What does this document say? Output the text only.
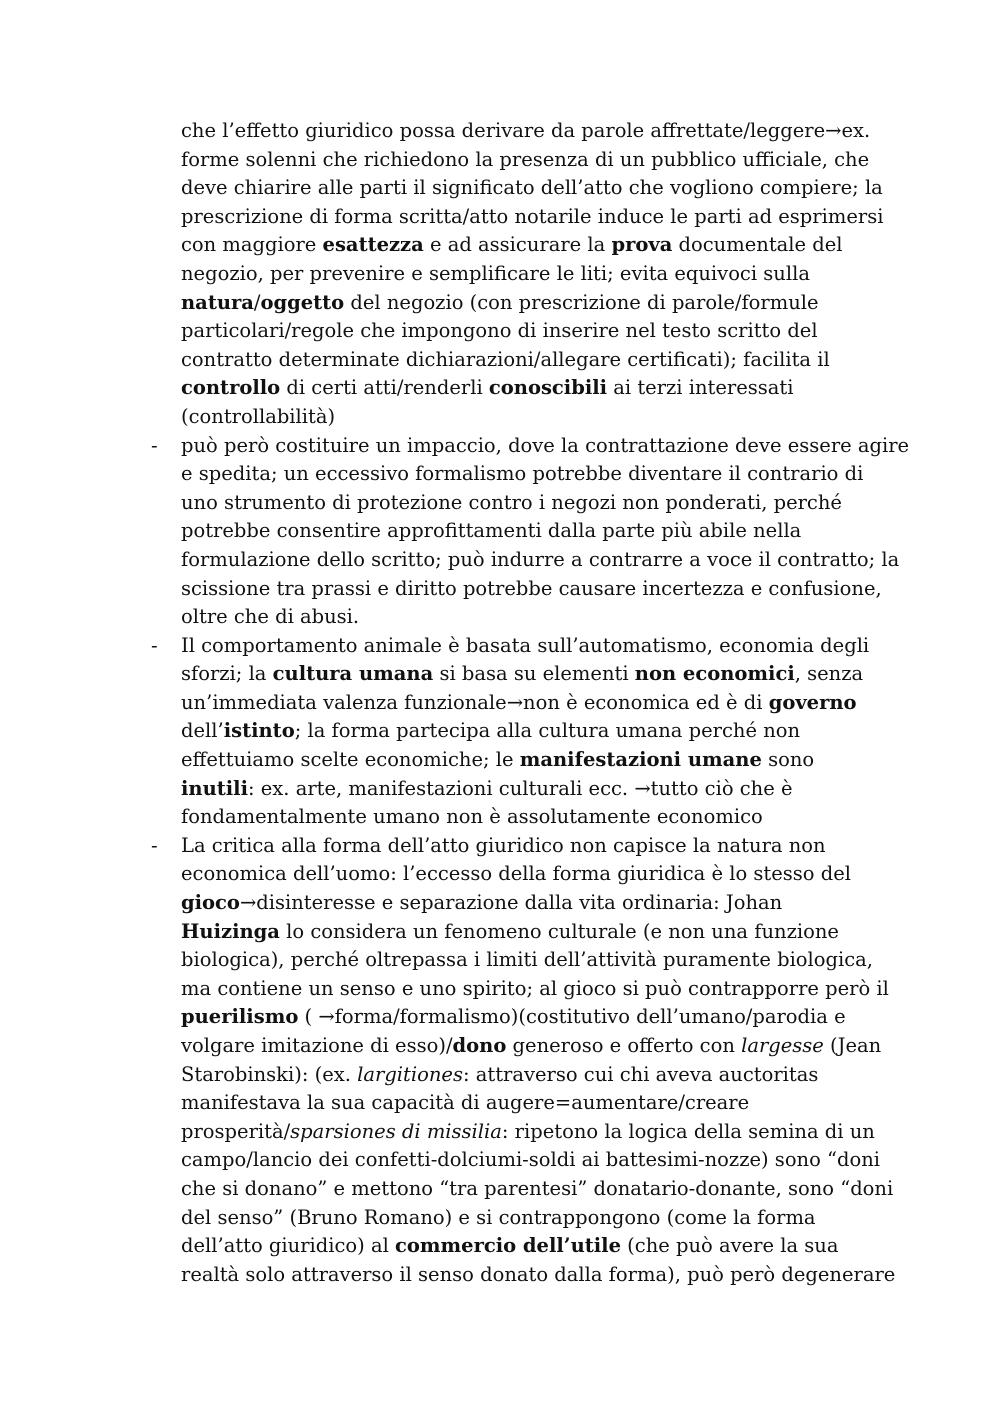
che l’effetto giuridico possa derivare da parole affrettate/leggere→ex.
forme solenni che richiedono la presenza di un pubblico ufficiale, che
deve chiarire alle parti il significato dell’atto che vogliono compiere; la
prescrizione di forma scritta/atto notarile induce le parti ad esprimersi
con maggiore esattezza e ad assicurare la prova documentale del
negozio, per prevenire e semplificare le liti; evita equivoci sulla
natura/oggetto del negozio (con prescrizione di parole/formule
particolari/regole che impongono di inserire nel testo scritto del
contratto determinate dichiarazioni/allegare certificati); facilita il
controllo di certi atti/renderli conoscibili ai terzi interessati
(controllabilità)
- può però costituire un impaccio, dove la contrattazione deve essere agire
e spedita; un eccessivo formalismo potrebbe diventare il contrario di
uno strumento di protezione contro i negozi non ponderati, perché
potrebbe consentire approfittamenti dalla parte più abile nella
formulazione dello scritto; può indurre a contrarre a voce il contratto; la
scissione tra prassi e diritto potrebbe causare incertezza e confusione,
oltre che di abusi.
- Il comportamento animale è basata sull’automatismo, economia degli
sforzi; la cultura umana si basa su elementi non economici, senza
un’immediata valenza funzionale→non è economica ed è di governo
dell’istinto; la forma partecipa alla cultura umana perché non
effettuiamo scelte economiche; le manifestazioni umane sono
inutili: ex. arte, manifestazioni culturali ecc. →tutto ciò che è
fondamentalmente umano non è assolutamente economico
- La critica alla forma dell’atto giuridico non capisce la natura non
economica dell’uomo: l’eccesso della forma giuridica è lo stesso del
gioco→disinteresse e separazione dalla vita ordinaria: Johan
Huizinga lo considera un fenomeno culturale (e non una funzione
biologica), perché oltrepassa i limiti dell’attività puramente biologica,
ma contiene un senso e uno spirito; al gioco si può contrapporre però il
puerilismo ( →forma/formalismo)(costitutivo dell’umano/parodia e
volgare imitazione di esso)/dono generoso e offerto con largesse (Jean
Starobinski): (ex. largitiones: attraverso cui chi aveva auctoritas
manifestava la sua capacità di augere=aumentare/creare
prosperità/sparsiones di missilia: ripetono la logica della semina di un
campo/lancio dei confetti-dolciumi-soldi ai battesimi-nozze) sono “doni
che si donano” e mettono “tra parentesi” donatario-donante, sono “doni
del senso” (Bruno Romano) e si contrappongono (come la forma
dell’atto giuridico) al commercio dell’utile (che può avere la sua
realtà solo attraverso il senso donato dalla forma), può però degenerare
